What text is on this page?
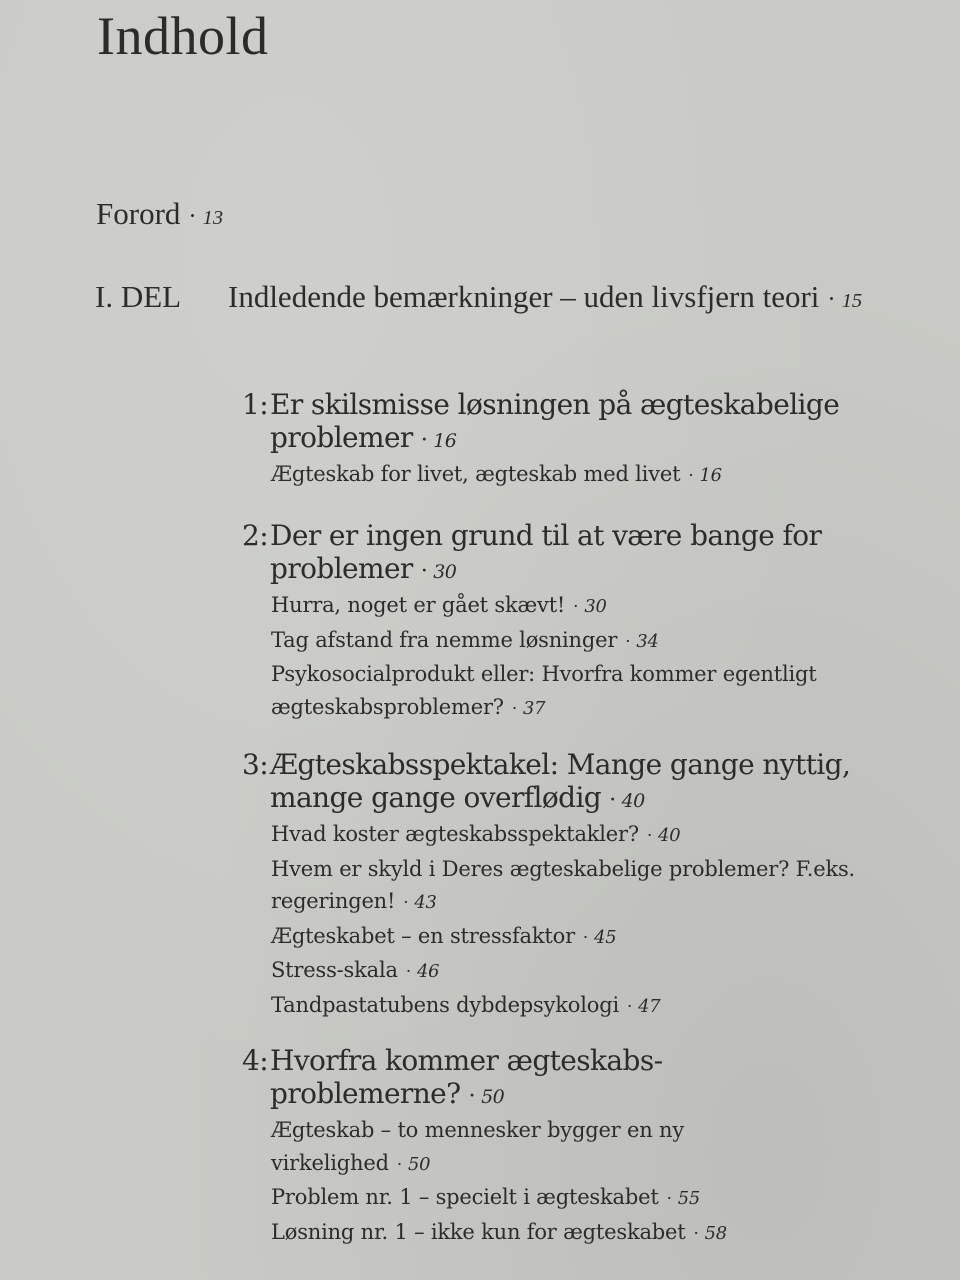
Indhold
Forord · 13
I. DEL Indledende bemærkninger – uden livsfjern teori · 15
1: Er skilsmisse løsningen på ægteskabelige problemer · 16
Ægteskab for livet, ægteskab med livet · 16
2: Der er ingen grund til at være bange for problemer · 30
Hurra, noget er gået skævt! · 30
Tag afstand fra nemme løsninger · 34
Psykosocialprodukt eller: Hvorfra kommer egentligt ægteskabsproblemer? · 37
3: Ægteskabsspektakel: Mange gange nyttig, mange gange overflødig · 40
Hvad koster ægteskabsspektakler? · 40
Hvem er skyld i Deres ægteskabelige problemer? F.eks. regeringen! · 43
Ægteskabet – en stressfaktor · 45
Stress-skala · 46
Tandpastatubens dybdepsykologi · 47
4: Hvorfra kommer ægteskabs-problemerne? · 50
Ægteskab – to mennesker bygger en ny virkelighed · 50
Problem nr. 1 – specielt i ægteskabet · 55
Løsning nr. 1 – ikke kun for ægteskabet · 58
